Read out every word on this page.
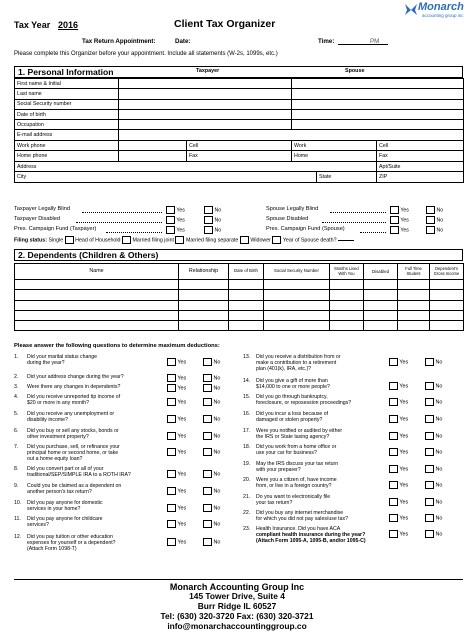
Tax Year 2016	Client Tax Organizer
Monarch
accounting group inc
Tax Return Appointment:	Date:	Time:	PM
Please complete this Organizer before your appointment. Include all statements (W-2s, 1099s, etc.)
1. Personal Information	Taxpayer	Spouse
First name & Initial		
Last name		
Social Security number		
Date of birth		
Occupation		
E-mail address		
Work phone		Cell	Work	Cell
Home phone		Fax	Home	Fax
Address		Apt/Suite
City	State	ZIP
Taxpayer Legally Blind	Yes	No
Taxpayer Disabled	Yes	No
Pres. Campaign Fund (Taxpayer)	Yes	No
Spouse Legally Blind	Yes	No
Spouse Disabled	Yes	No
Pres. Campaign Fund (Spouse)	Yes	No
Filing status: Single Head of Household Married filing joint Married filing separate Widower Year of Spouse death?
2. Dependents (Children & Others)
Name	Relationship	Date of Birth	Social Security Number	Months Lived With You	Disabled	Full Time Student	Dependent's Gross Income

Please answer the following questions to determine maximum deductions:
1.	Did your marital status change
during the year?	Yes	No
2.	Did your address change during the year?	Yes	No
3.	Were there any changes in dependents?	Yes	No
4.	Did you receive unreported tip income of
$20 or more in any month?	Yes	No
5.	Did you receive any unemployment or
disability income?	Yes	No
6.	Did you buy or sell any stocks, bonds or
other investment property?	Yes	No
7.	Did you purchase, sell, or refinance your
principal home or second home, or take
out a home equity loan?
Yes	No
8.	Did you convert part or all of your
traditional/SEP/SIMPLE IRA to a ROTH IRA?	Yes	No
9.	Could you be claimed as a dependent on
another person's tax return?	Yes	No
10.	Did you pay anyone for domestic
services in your home?	Yes	No
11.	Did you pay anyone for childcare
services?	Yes	No
12.	Did you pay tuition or other education
expenses for yourself or a dependent?
(Attach Form 1098-T)
Yes	No
13.	Did you receive a distribution from or
make a contribution to a retirement
plan (401(k), IRA, etc.)?
Yes	No
14.	Did you give a gift of more than
$14,000 to one or more people?	Yes	No
15.	Did you go through bankruptcy,
foreclosure, or reposession proceedings?	Yes	No
16.	Did you incur a loss because of
damaged or stolen property?	Yes	No
17.	Were you notified or audited by either
the IRS or State taxing agency?	Yes	No
18.	Did you work from a home office or
use your car for business?	Yes	No
19.	May the IRS discuss your tax return
with your preparer?	Yes	No
20.	Were you a citizen of, have income
from, or live in a foreign country?	Yes	No
21.	Do you want to electronically file
your tax return?	Yes	No
22.	Did you buy any internet merchandise
for which you did not pay sales/use tax?	Yes	No
23.	Health Insurance. Did you have ACA
compliant health insurance during the year?
(Attach Form 1095-A, 1095-B, and/or 1095-C)
Yes	No
Monarch Accounting Group Inc
145 Tower Drive, Suite 4
Burr Ridge IL 60527
Tel: (630) 320-3720 Fax: (630) 320-3721
info@monarchaccountinggroup.co
